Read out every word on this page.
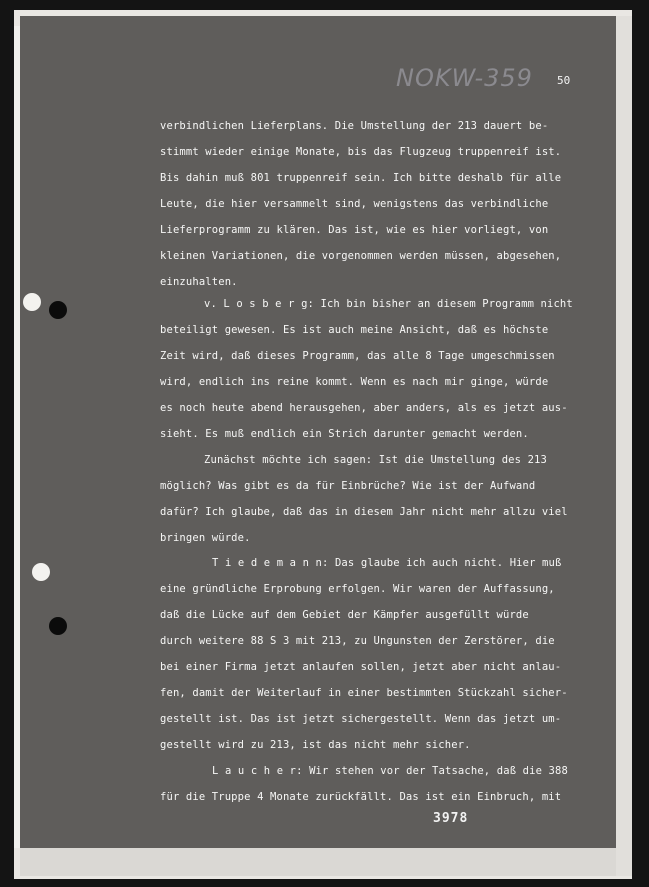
NOKW-359 50
verbindlichen Lieferplans. Die Umstellung der 213 dauert be-
stimmt wieder einige Monate, bis das Flugzeug truppenreif ist.
Bis dahin muß 801 truppenreif sein. Ich bitte deshalb für alle
Leute, die hier versammelt sind, wenigstens das verbindliche
Lieferprogramm zu klären. Das ist, wie es hier vorliegt, von
kleinen Variationen, die vorgenommen werden müssen, abgesehen,
einzuhalten.
v. L o s b e r g: Ich bin bisher an diesem Programm nicht
beteiligt gewesen. Es ist auch meine Ansicht, daß es höchste
Zeit wird, daß dieses Programm, das alle 8 Tage umgeschmissen
wird, endlich ins reine kommt. Wenn es nach mir ginge, würde
es noch heute abend herausgehen, aber anders, als es jetzt aus-
sieht. Es muß endlich ein Strich darunter gemacht werden.
Zunächst möchte ich sagen: Ist die Umstellung des 213
möglich? Was gibt es da für Einbrüche? Wie ist der Aufwand
dafür? Ich glaube, daß das in diesem Jahr nicht mehr allzu viel
bringen würde.
T i e d e m a n n: Das glaube ich auch nicht. Hier muß
eine gründliche Erprobung erfolgen. Wir waren der Auffassung,
daß die Lücke auf dem Gebiet der Kämpfer ausgefüllt würde
durch weitere 88 S 3 mit 213, zu Ungunsten der Zerstörer, die
bei einer Firma jetzt anlaufen sollen, jetzt aber nicht anlau-
fen, damit der Weiterlauf in einer bestimmten Stückzahl sicher-
gestellt ist. Das ist jetzt sichergestellt. Wenn das jetzt um-
gestellt wird zu 213, ist das nicht mehr sicher.
L a u c h e r: Wir stehen vor der Tatsache, daß die 388
für die Truppe 4 Monate zurückfällt. Das ist ein Einbruch, mit
3978
